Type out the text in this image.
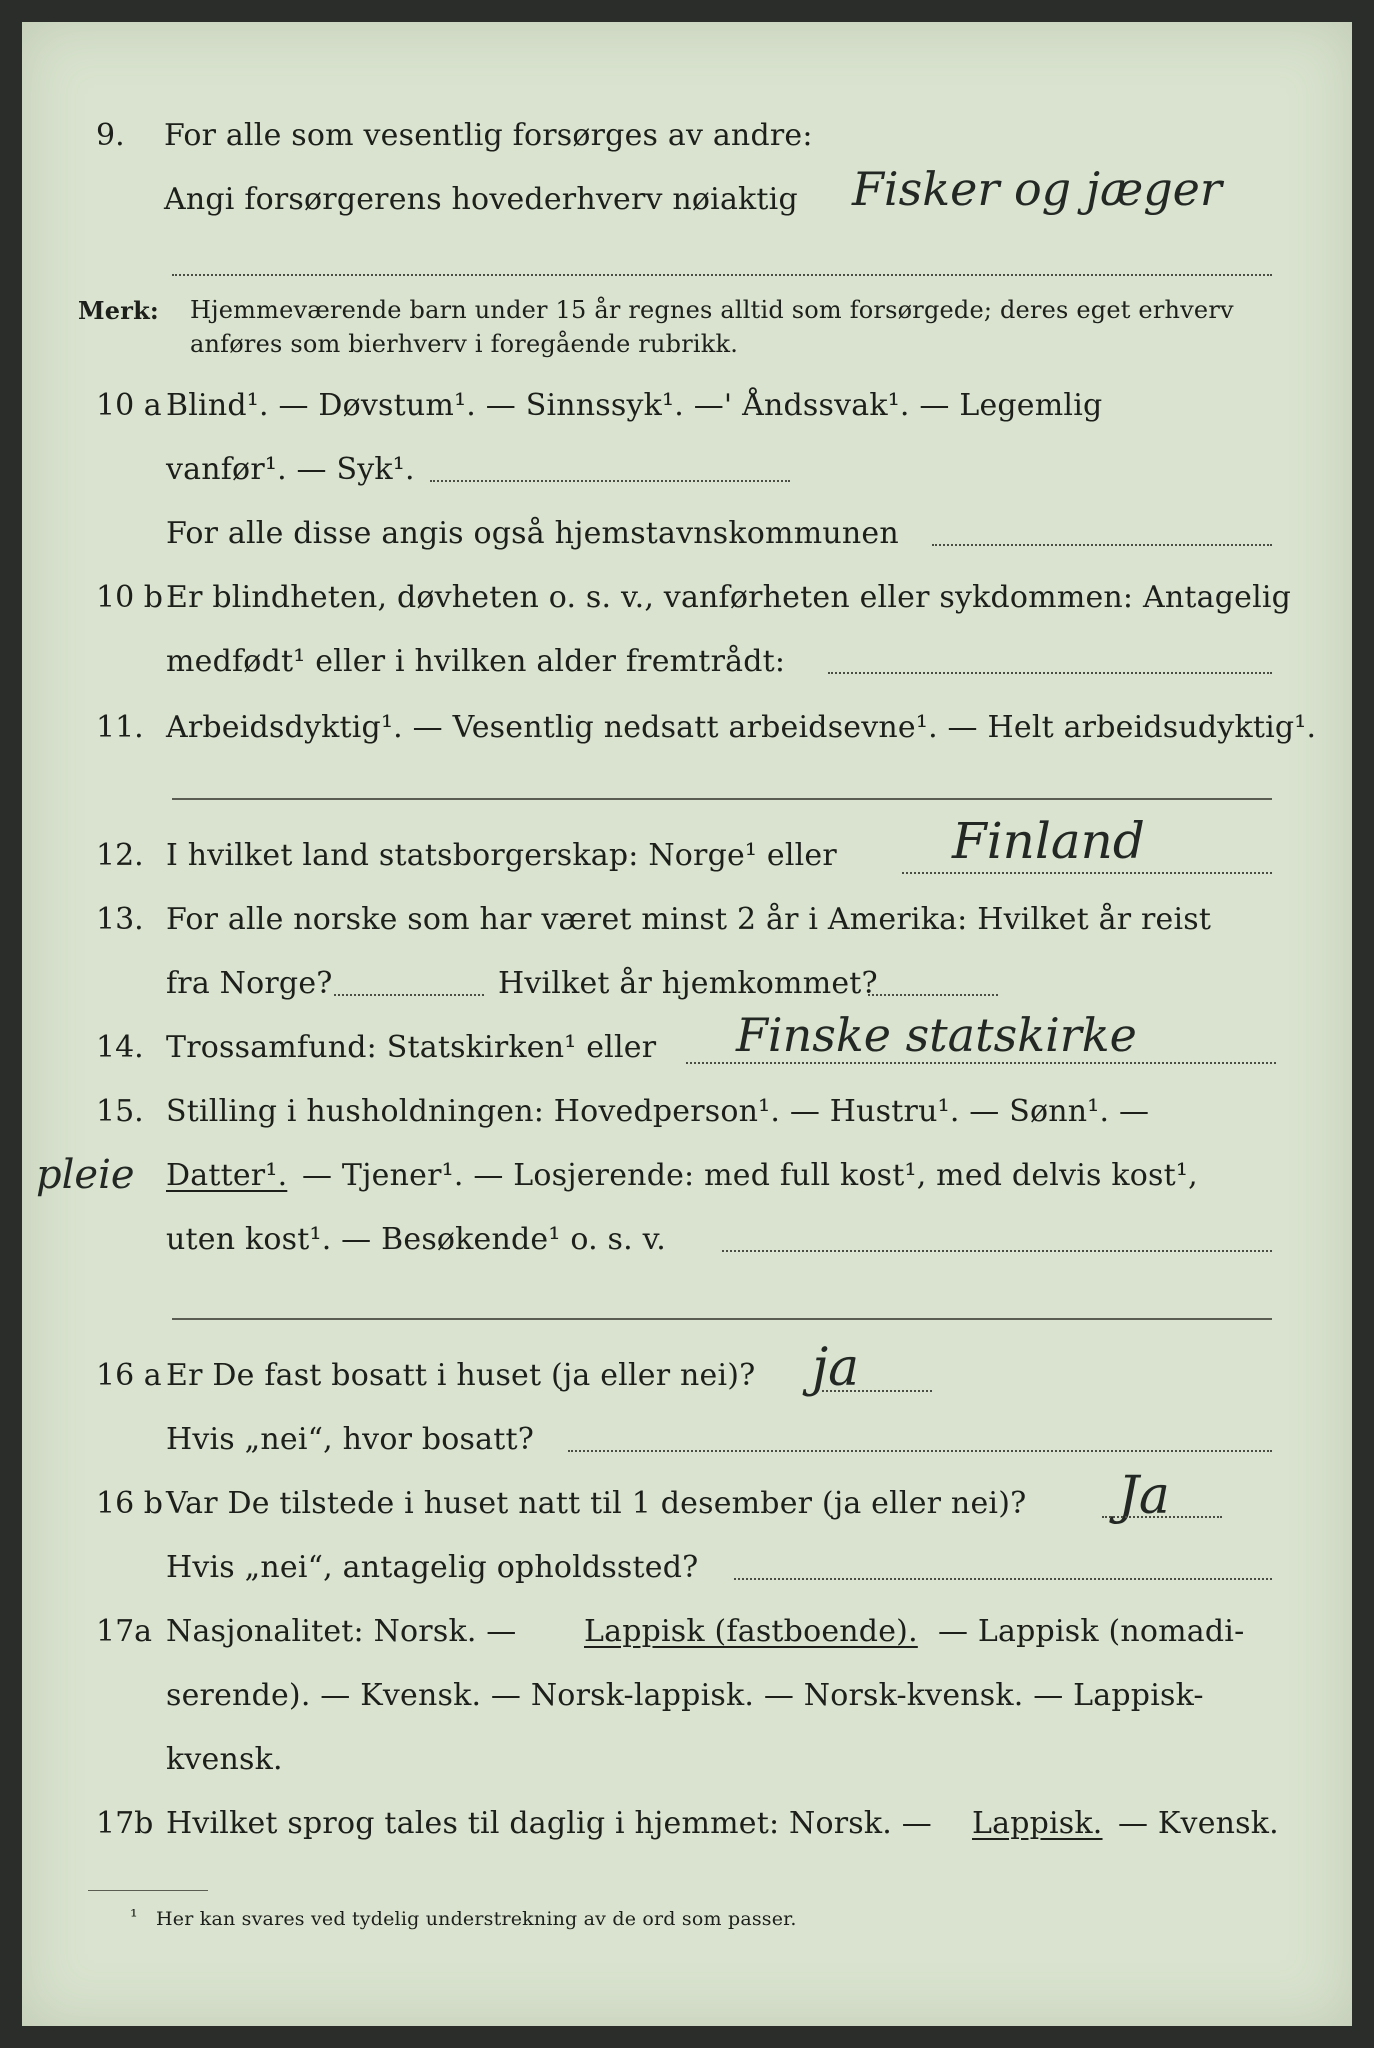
9. For alle som vesentlig forsørges av andre:
Angi forsørgerens hovederhverv nøiaktig Fisker og jæger
Merk: Hjemmeværende barn under 15 år regnes alltid som forsørgede; deres eget erhverv
anføres som bierhverv i foregående rubrikk.
10 a Blind¹. — Døvstum¹. — Sinnssyk¹. —' Åndssvak¹. — Legemlig
vanfør¹. — Syk¹.
For alle disse angis også hjemstavnskommunen
10 b Er blindheten, døvheten o. s. v., vanførheten eller sykdommen: Antagelig
medfødt¹ eller i hvilken alder fremtrådt:
11. Arbeidsdyktig¹. — Vesentlig nedsatt arbeidsevne¹. — Helt arbeidsudyktig¹.
12. I hvilket land statsborgerskap: Norge¹ eller Finland
13. For alle norske som har været minst 2 år i Amerika: Hvilket år reist
fra Norge?	Hvilket år hjemkommet?
14. Trossamfund: Statskirken¹ eller Finske statskirke
15. Stilling i husholdningen: Hovedperson¹. — Hustru¹. — Sønn¹. —
pleie Datter¹. — Tjener¹. — Losjerende: med full kost¹, med delvis kost¹,
uten kost¹. — Besøkende¹ o. s. v.
16 a Er De fast bosatt i huset (ja eller nei)? ja
Hvis „nei“, hvor bosatt?
16 b Var De tilstede i huset natt til 1 desember (ja eller nei)? Ja
Hvis „nei“, antagelig opholdssted?
17a Nasjonalitet: Norsk. — Lappisk (fastboende). — Lappisk (nomadi-
serende). — Kvensk. — Norsk-lappisk. — Norsk-kvensk. — Lappisk-
kvensk.
17b Hvilket sprog tales til daglig i hjemmet: Norsk. — Lappisk. — Kvensk.
¹ Her kan svares ved tydelig understrekning av de ord som passer.
